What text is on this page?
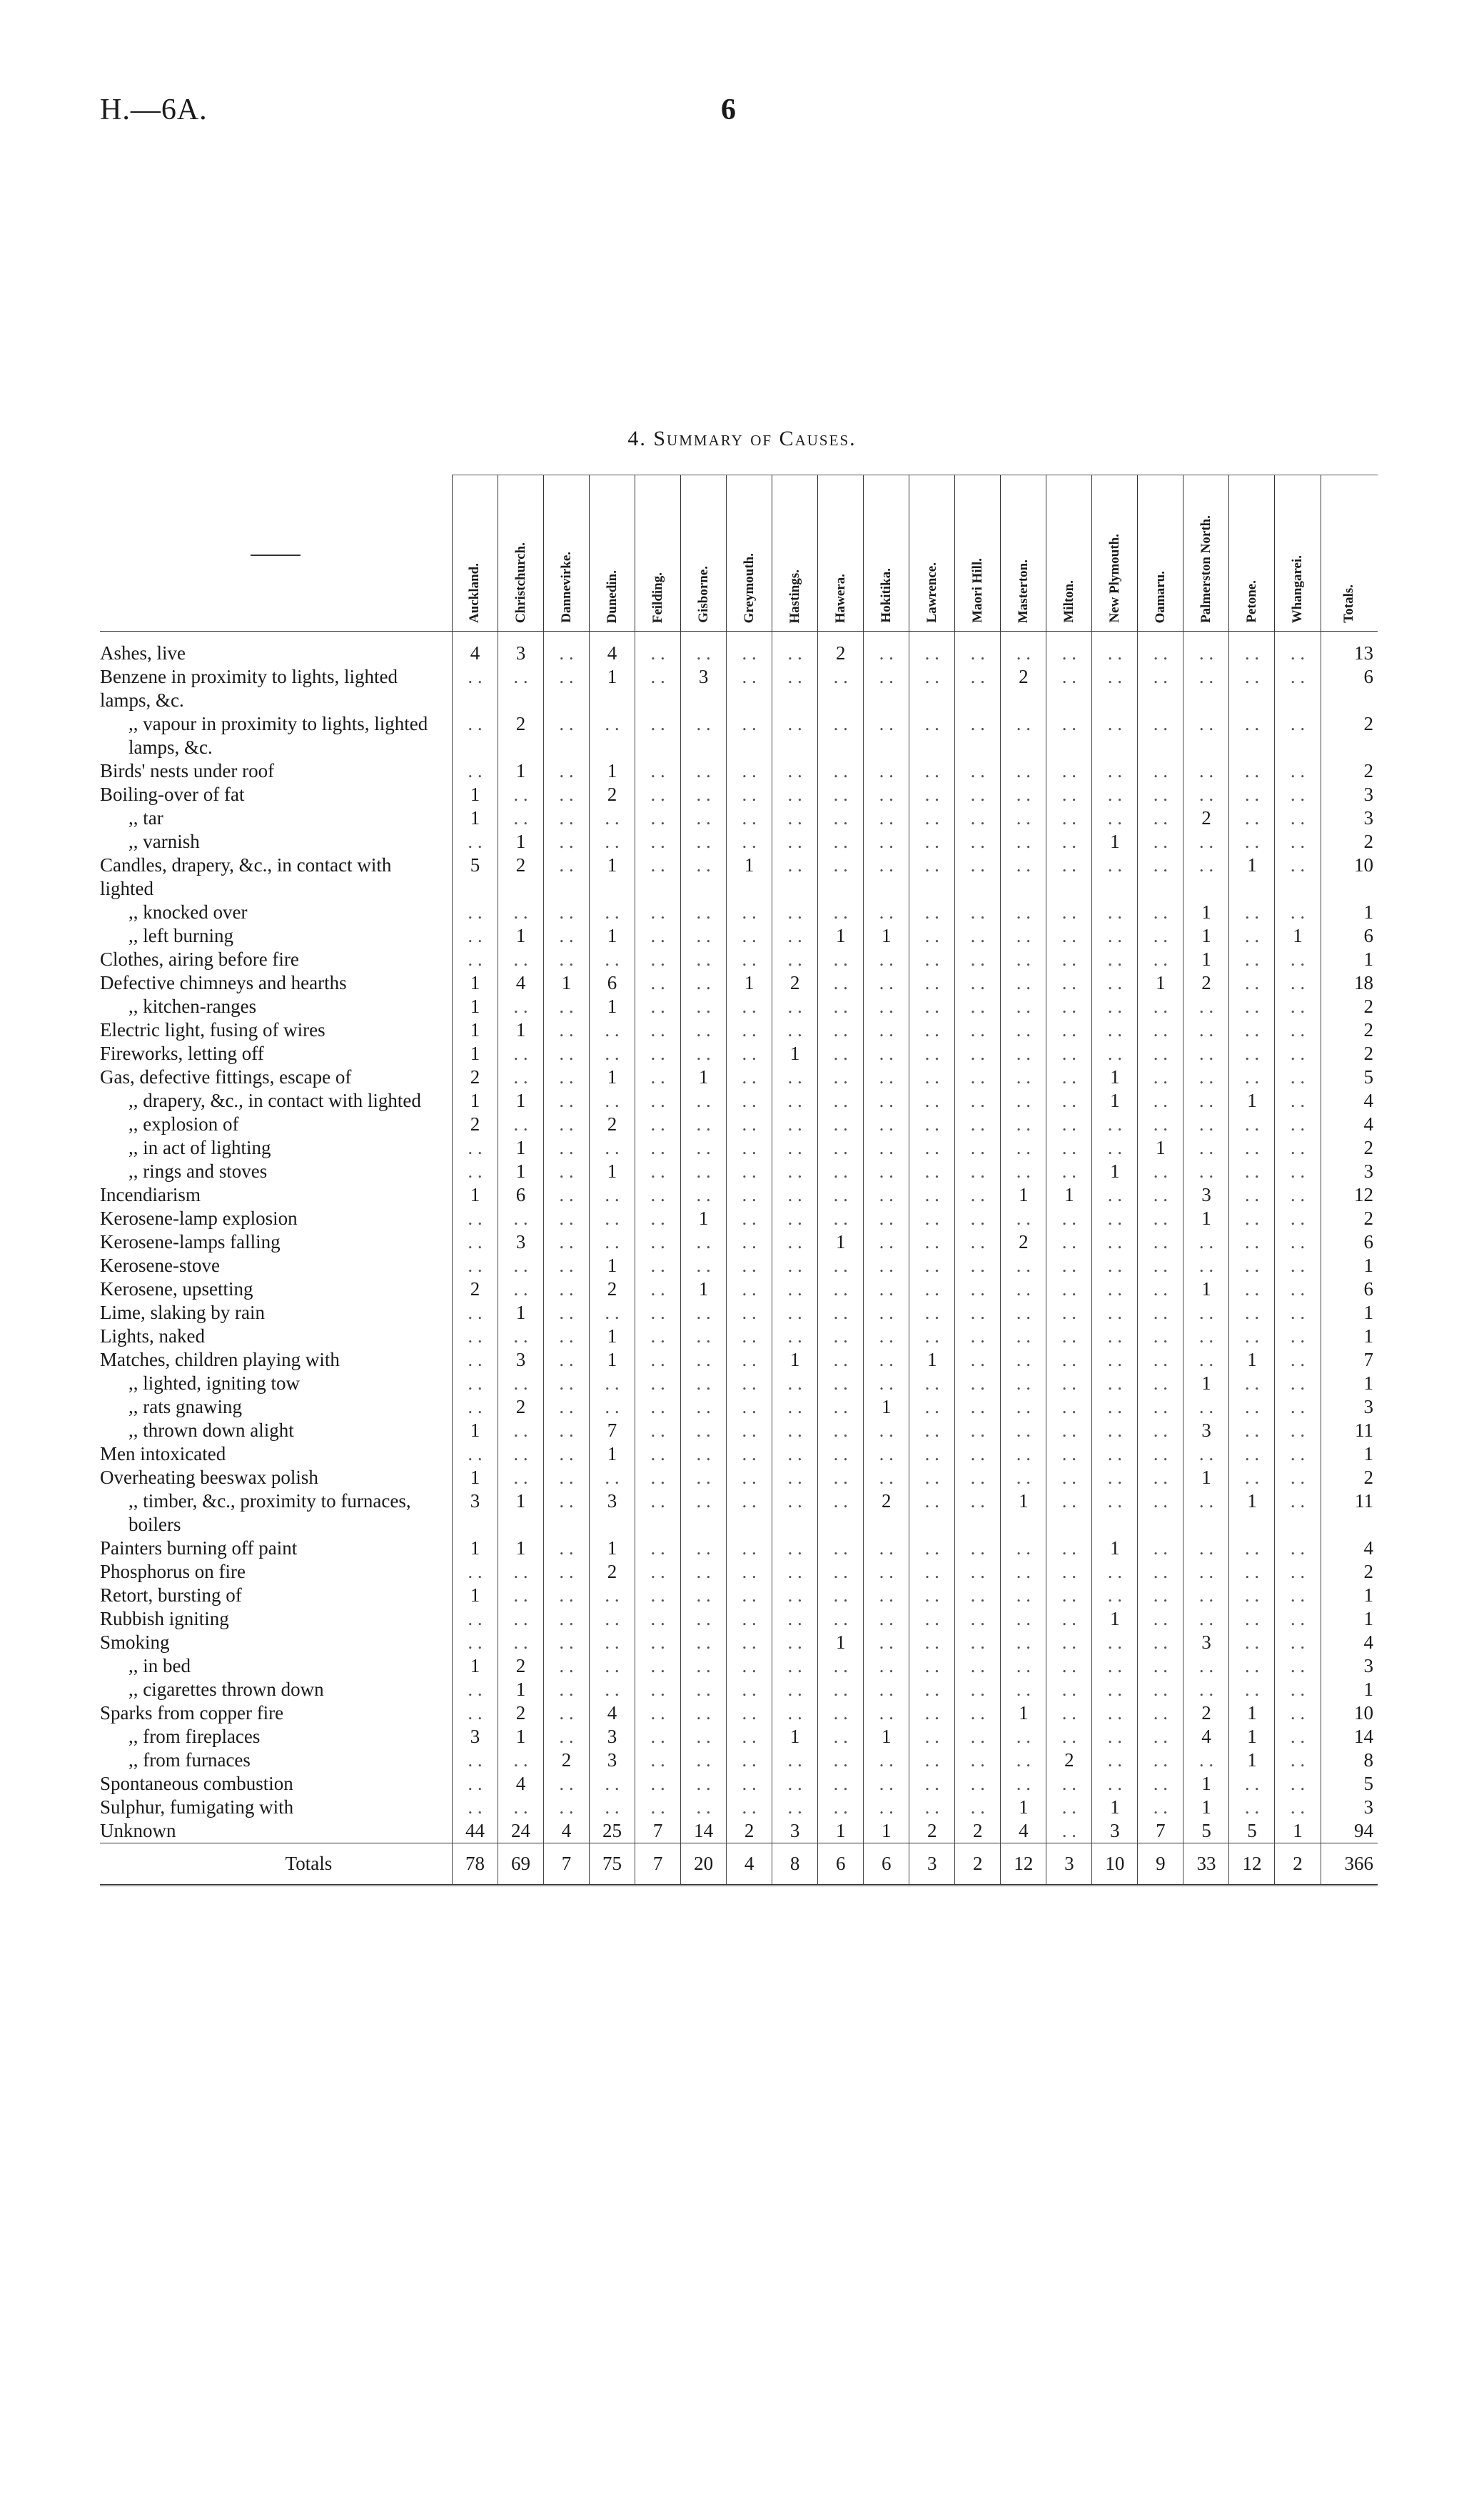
H.—6A.	6
4. Summary of Causes.
	Auckland.	Christchurch.	Dannevirke.	Dunedin.	Feilding.	Gisborne.	Greymouth.	Hastings.	Hawera.	Hokitika.	Lawrence.	Maori Hill.	Masterton.	Milton.	New Plymouth.	Oamaru.	Palmerston North.	Petone.	Whangarei.	Totals.

Ashes, live	4	3	. .	4	. .	. .	. .	. .	2	. .	. .	. .	. .	. .	. .	. .	. .	. .	. .	13

Benzene in proximity to lights, lighted lamps, &c.	. .	. .	. .	1	. .	3	. .	. .	. .	. .	. .	. .	2	. .	. .	. .	. .	. .	. .	6

,, vapour in proximity to lights, lighted lamps, &c.	. .	2	. .	. .	. .	. .	. .	. .	. .	. .	. .	. .	. .	. .	. .	. .	. .	. .	. .	2

Birds' nests under roof	. .	1	. .	1	. .	. .	. .	. .	. .	. .	. .	. .	. .	. .	. .	. .	. .	. .	. .	2

Boiling-over of fat	1	. .	. .	2	. .	. .	. .	. .	. .	. .	. .	. .	. .	. .	. .	. .	. .	. .	. .	3

,, tar	1	. .	. .	. .	. .	. .	. .	. .	. .	. .	. .	. .	. .	. .	. .	. .	2	. .	. .	3

,, varnish	. .	1	. .	. .	. .	. .	. .	. .	. .	. .	. .	. .	. .	. .	1	. .	. .	. .	. .	2

Candles, drapery, &c., in contact with lighted	5	2	. .	1	. .	. .	1	. .	. .	. .	. .	. .	. .	. .	. .	. .	. .	1	. .	10

,, knocked over	. .	. .	. .	. .	. .	. .	. .	. .	. .	. .	. .	. .	. .	. .	. .	. .	1	. .	. .	1

,, left burning	. .	1	. .	1	. .	. .	. .	. .	1	1	. .	. .	. .	. .	. .	. .	1	. .	1	6

Clothes, airing before fire	. .	. .	. .	. .	. .	. .	. .	. .	. .	. .	. .	. .	. .	. .	. .	. .	1	. .	. .	1

Defective chimneys and hearths	1	4	1	6	. .	. .	1	2	. .	. .	. .	. .	. .	. .	. .	1	2	. .	. .	18

,, kitchen-ranges	1	. .	. .	1	. .	. .	. .	. .	. .	. .	. .	. .	. .	. .	. .	. .	. .	. .	. .	2

Electric light, fusing of wires	1	1	. .	. .	. .	. .	. .	. .	. .	. .	. .	. .	. .	. .	. .	. .	. .	. .	. .	2

Fireworks, letting off	1	. .	. .	. .	. .	. .	. .	1	. .	. .	. .	. .	. .	. .	. .	. .	. .	. .	. .	2

Gas, defective fittings, escape of	2	. .	. .	1	. .	1	. .	. .	. .	. .	. .	. .	. .	. .	1	. .	. .	. .	. .	5

,, drapery, &c., in contact with lighted	1	1	. .	. .	. .	. .	. .	. .	. .	. .	. .	. .	. .	. .	1	. .	. .	1	. .	4

,, explosion of	2	. .	. .	2	. .	. .	. .	. .	. .	. .	. .	. .	. .	. .	. .	. .	. .	. .	. .	4

,, in act of lighting	. .	1	. .	. .	. .	. .	. .	. .	. .	. .	. .	. .	. .	. .	. .	1	. .	. .	. .	2

,, rings and stoves	. .	1	. .	1	. .	. .	. .	. .	. .	. .	. .	. .	. .	. .	1	. .	. .	. .	. .	3

Incendiarism	1	6	. .	. .	. .	. .	. .	. .	. .	. .	. .	. .	1	1	. .	. .	3	. .	. .	12

Kerosene-lamp explosion	. .	. .	. .	. .	. .	1	. .	. .	. .	. .	. .	. .	. .	. .	. .	. .	1	. .	. .	2

Kerosene-lamps falling	. .	3	. .	. .	. .	. .	. .	. .	1	. .	. .	. .	2	. .	. .	. .	. .	. .	. .	6

Kerosene-stove	. .	. .	. .	1	. .	. .	. .	. .	. .	. .	. .	. .	. .	. .	. .	. .	. .	. .	. .	1

Kerosene, upsetting	2	. .	. .	2	. .	1	. .	. .	. .	. .	. .	. .	. .	. .	. .	. .	1	. .	. .	6

Lime, slaking by rain	. .	1	. .	. .	. .	. .	. .	. .	. .	. .	. .	. .	. .	. .	. .	. .	. .	. .	. .	1

Lights, naked	. .	. .	. .	1	. .	. .	. .	. .	. .	. .	. .	. .	. .	. .	. .	. .	. .	. .	. .	1

Matches, children playing with	. .	3	. .	1	. .	. .	. .	1	. .	. .	1	. .	. .	. .	. .	. .	. .	1	. .	7

,, lighted, igniting tow	. .	. .	. .	. .	. .	. .	. .	. .	. .	. .	. .	. .	. .	. .	. .	. .	1	. .	. .	1

,, rats gnawing	. .	2	. .	. .	. .	. .	. .	. .	. .	1	. .	. .	. .	. .	. .	. .	. .	. .	. .	3

,, thrown down alight	1	. .	. .	7	. .	. .	. .	. .	. .	. .	. .	. .	. .	. .	. .	. .	3	. .	. .	11

Men intoxicated	. .	. .	. .	1	. .	. .	. .	. .	. .	. .	. .	. .	. .	. .	. .	. .	. .	. .	. .	1

Overheating beeswax polish	1	. .	. .	. .	. .	. .	. .	. .	. .	. .	. .	. .	. .	. .	. .	. .	1	. .	. .	2

,, timber, &c., proximity to furnaces, boilers	3	1	. .	3	. .	. .	. .	. .	. .	2	. .	. .	1	. .	. .	. .	. .	1	. .	11

Painters burning off paint	1	1	. .	1	. .	. .	. .	. .	. .	. .	. .	. .	. .	. .	1	. .	. .	. .	. .	4

Phosphorus on fire	. .	. .	. .	2	. .	. .	. .	. .	. .	. .	. .	. .	. .	. .	. .	. .	. .	. .	. .	2

Retort, bursting of	1	. .	. .	. .	. .	. .	. .	. .	. .	. .	. .	. .	. .	. .	. .	. .	. .	. .	. .	1

Rubbish igniting	. .	. .	. .	. .	. .	. .	. .	. .	. .	. .	. .	. .	. .	. .	1	. .	. .	. .	. .	1

Smoking	. .	. .	. .	. .	. .	. .	. .	. .	1	. .	. .	. .	. .	. .	. .	. .	3	. .	. .	4

,, in bed	1	2	. .	. .	. .	. .	. .	. .	. .	. .	. .	. .	. .	. .	. .	. .	. .	. .	. .	3

,, cigarettes thrown down	. .	1	. .	. .	. .	. .	. .	. .	. .	. .	. .	. .	. .	. .	. .	. .	. .	. .	. .	1

Sparks from copper fire	. .	2	. .	4	. .	. .	. .	. .	. .	. .	. .	. .	1	. .	. .	. .	2	1	. .	10

,, from fireplaces	3	1	. .	3	. .	. .	. .	1	. .	1	. .	. .	. .	. .	. .	. .	4	1	. .	14

,, from furnaces	. .	. .	2	3	. .	. .	. .	. .	. .	. .	. .	. .	. .	2	. .	. .	. .	1	. .	8

Spontaneous combustion	. .	4	. .	. .	. .	. .	. .	. .	. .	. .	. .	. .	. .	. .	. .	. .	1	. .	. .	5

Sulphur, fumigating with	. .	. .	. .	. .	. .	. .	. .	. .	. .	. .	. .	. .	1	. .	1	. .	1	. .	. .	3

Unknown	44	24	4	25	7	14	2	3	1	1	2	2	4	. .	3	7	5	5	1	94

Totals	78	69	7	75	7	20	4	8	6	6	3	2	12	3	10	9	33	12	2	366
